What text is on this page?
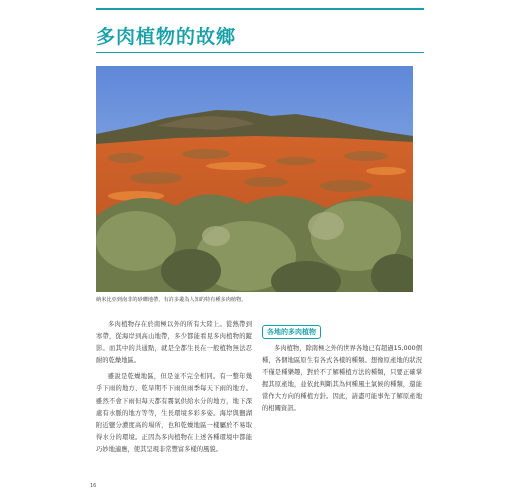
多肉植物的故鄉
納米比亞到南非的砂礫地帶，有許多叢為人知的特有種多肉植物。

多肉植物存在於南極以外的所有大陸上。從熱帶到寒帶，從海岸到高山地帶，多少都能看見多肉植物的蹤影。而其中的共通點，就是全都生長在一般植物無法忍耐的乾燥地區。

雖說是乾燥地區，但是並不完全相同。有一整年幾乎下雨的地方、乾旱期不下雨但雨季每天下雨的地方。雖然不會下雨但每天都有霧氣供給水分的地方，地下深處有水脈的地方等等，生長環境多彩多姿。海岸與鹽湖附近鹽分濃度高的場所，也和乾燥地區一樣屬於不易取得水分的環境。正因為多肉植物在上述各種環境中都能巧妙地適應，使其呈現非常豐富多樣的風貌。

各地的多肉植物

多肉植物，除南極之外的世界各地已有超過15,000個種，各個地區原生有各式各樣的種類。想像原產地的狀況不僅是種樂趣，對於不了解種植方法的種類，只要正確掌握其原產地，並依此判斷其為何種風土氣候的種類，還能當作大方向的種植方針。因此，請盡可能事先了解原產地的相關資訊。

16
